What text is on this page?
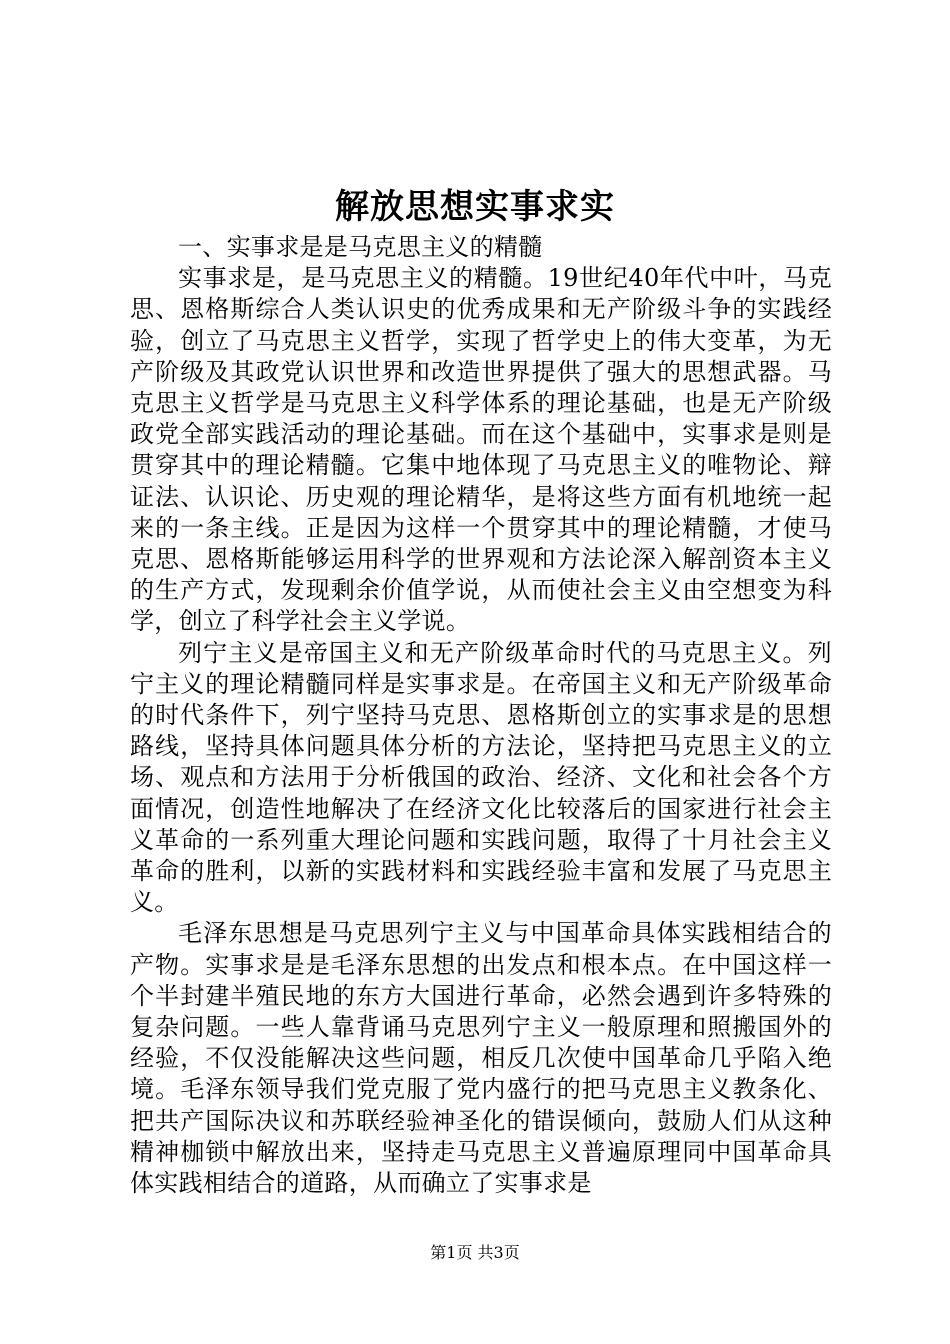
解放思想实事求实

一、实事求是是马克思主义的精髓

实事求是，是马克思主义的精髓。19世纪40年代中叶，马克思、恩格斯综合人类认识史的优秀成果和无产阶级斗争的实践经验，创立了马克思主义哲学，实现了哲学史上的伟大变革，为无产阶级及其政党认识世界和改造世界提供了强大的思想武器。马克思主义哲学是马克思主义科学体系的理论基础，也是无产阶级政党全部实践活动的理论基础。而在这个基础中，实事求是则是贯穿其中的理论精髓。它集中地体现了马克思主义的唯物论、辩证法、认识论、历史观的理论精华，是将这些方面有机地统一起来的一条主线。正是因为这样一个贯穿其中的理论精髓，才使马克思、恩格斯能够运用科学的世界观和方法论深入解剖资本主义的生产方式，发现剩余价值学说，从而使社会主义由空想变为科学，创立了科学社会主义学说。

列宁主义是帝国主义和无产阶级革命时代的马克思主义。列宁主义的理论精髓同样是实事求是。在帝国主义和无产阶级革命的时代条件下，列宁坚持马克思、恩格斯创立的实事求是的思想路线，坚持具体问题具体分析的方法论，坚持把马克思主义的立场、观点和方法用于分析俄国的政治、经济、文化和社会各个方面情况，创造性地解决了在经济文化比较落后的国家进行社会主义革命的一系列重大理论问题和实践问题，取得了十月社会主义革命的胜利，以新的实践材料和实践经验丰富和发展了马克思主义。

毛泽东思想是马克思列宁主义与中国革命具体实践相结合的产物。实事求是是毛泽东思想的出发点和根本点。在中国这样一个半封建半殖民地的东方大国进行革命，必然会遇到许多特殊的复杂问题。一些人靠背诵马克思列宁主义一般原理和照搬国外的经验，不仅没能解决这些问题，相反几次使中国革命几乎陷入绝境。毛泽东领导我们党克服了党内盛行的把马克思主义教条化、把共产国际决议和苏联经验神圣化的错误倾向，鼓励人们从这种精神枷锁中解放出来，坚持走马克思主义普遍原理同中国革命具体实践相结合的道路，从而确立了实事求是

第1页 共3页
